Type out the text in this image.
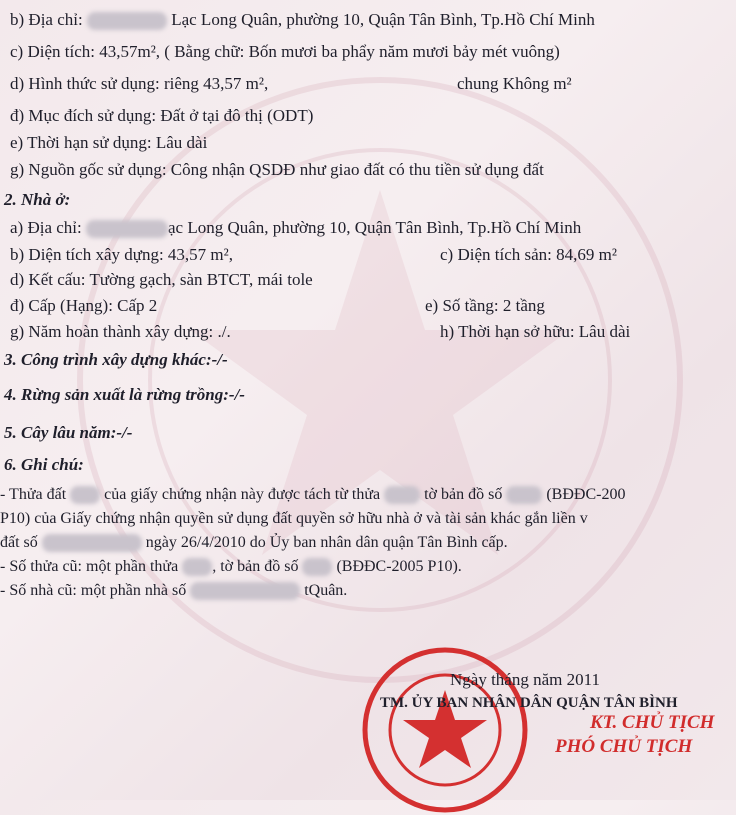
b) Địa chỉ:	Lạc Long Quân, phường 10, Quận Tân Bình, Tp.Hồ Chí Minh
c) Diện tích: 43,57m², ( Bằng chữ: Bốn mươi ba phẩy năm mươi bảy mét vuông)
d) Hình thức sử dụng: riêng 43,57 m²,	chung Không m²
đ) Mục đích sử dụng: Đất ở tại đô thị (ODT)
e) Thời hạn sử dụng: Lâu dài
g) Nguồn gốc sử dụng: Công nhận QSDĐ như giao đất có thu tiền sử dụng đất
2. Nhà ở:
a) Địa chỉ:	ạc Long Quân, phường 10, Quận Tân Bình, Tp.Hồ Chí Minh
b) Diện tích xây dựng: 43,57 m²,	c) Diện tích sản: 84,69 m²
d) Kết cấu: Tường gạch, sàn BTCT, mái tole
đ) Cấp (Hạng): Cấp 2	e) Số tầng: 2 tầng
g) Năm hoàn thành xây dựng: ./.	h) Thời hạn sở hữu: Lâu dài
3. Công trình xây dựng khác:-/-
4. Rừng sản xuất là rừng trồng:-/-
5. Cây lâu năm:-/-
6. Ghi chú:
- Thửa đất  của giấy chứng nhận này được tách từ thửa  tờ bản đồ số  (BĐĐC-200
P10) của Giấy chứng nhận quyền sử dụng đất quyền sở hữu nhà ở và tài sản khác gắn liền v
đất số	ngày 26/4/2010 do Ủy ban nhân dân quận Tân Bình cấp.
- Số thửa cũ: một phần thửa , tờ bản đồ số  (BĐĐC-2005 P10).
- Số nhà cũ: một phần nhà số	tQuân.
Ngày tháng năm 2011
TM. ỦY BAN NHÂN DÂN QUẬN TÂN BÌNH
KT. CHỦ TỊCH
PHÓ CHỦ TỊCH
